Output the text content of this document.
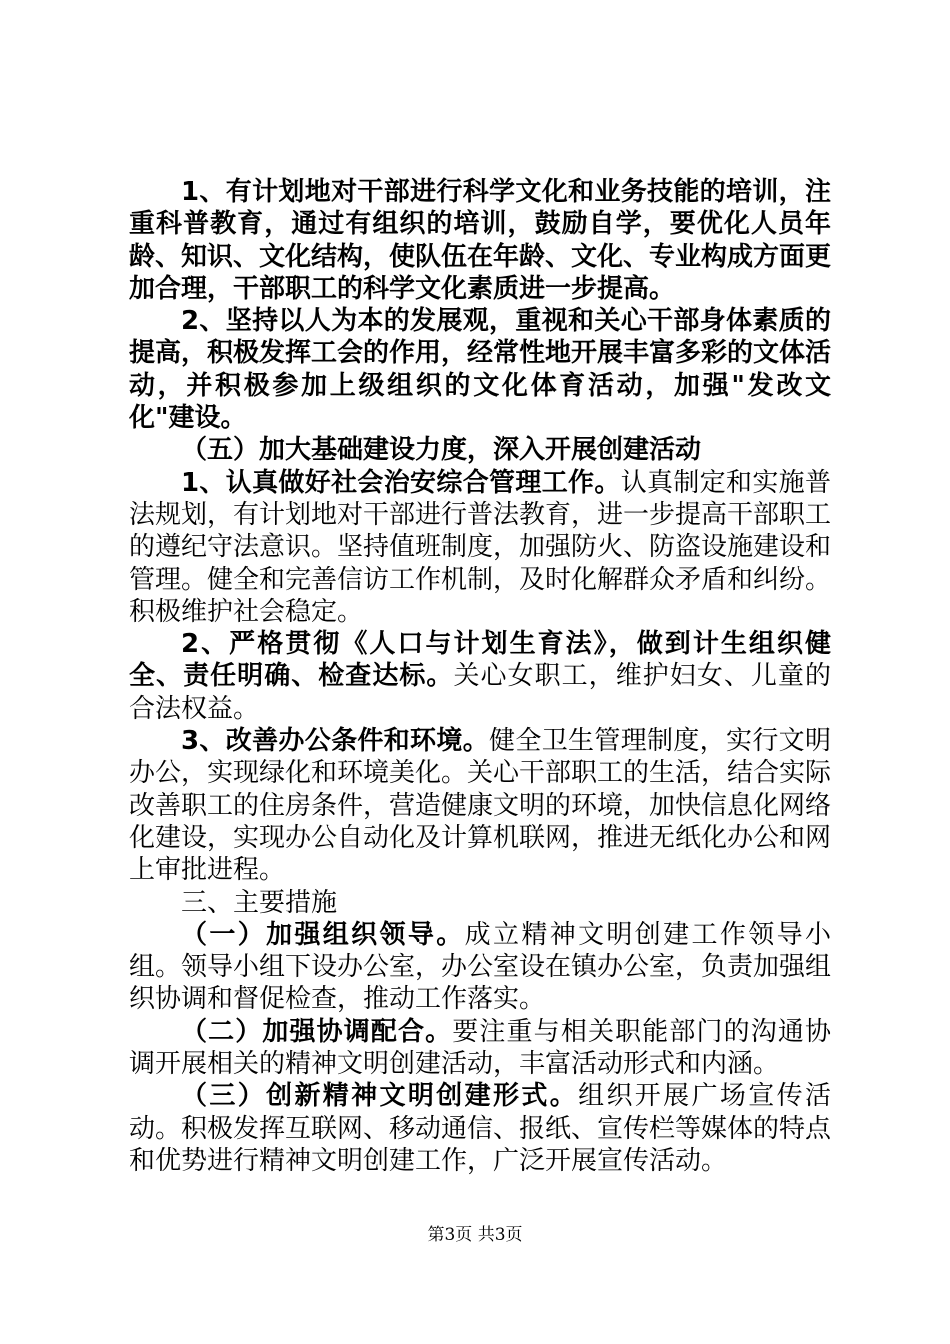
1、有计划地对干部进行科学文化和业务技能的培训，注重科普教育，通过有组织的培训，鼓励自学，要优化人员年龄、知识、文化结构，使队伍在年龄、文化、专业构成方面更加合理，干部职工的科学文化素质进一步提高。

2、坚持以人为本的发展观，重视和关心干部身体素质的提高，积极发挥工会的作用，经常性地开展丰富多彩的文体活动，并积极参加上级组织的文化体育活动，加强"发改文化"建设。

（五）加大基础建设力度，深入开展创建活动

1、认真做好社会治安综合管理工作。认真制定和实施普法规划，有计划地对干部进行普法教育，进一步提高干部职工的遵纪守法意识。坚持值班制度，加强防火、防盗设施建设和管理。健全和完善信访工作机制，及时化解群众矛盾和纠纷。积极维护社会稳定。

2、严格贯彻《人口与计划生育法》，做到计生组织健全、责任明确、检查达标。关心女职工，维护妇女、儿童的合法权益。

3、改善办公条件和环境。健全卫生管理制度，实行文明办公，实现绿化和环境美化。关心干部职工的生活，结合实际改善职工的住房条件，营造健康文明的环境，加快信息化网络化建设，实现办公自动化及计算机联网，推进无纸化办公和网上审批进程。

三、主要措施

（一）加强组织领导。成立精神文明创建工作领导小组。领导小组下设办公室，办公室设在镇办公室，负责加强组织协调和督促检查，推动工作落实。

（二）加强协调配合。要注重与相关职能部门的沟通协调开展相关的精神文明创建活动，丰富活动形式和内涵。

（三）创新精神文明创建形式。组织开展广场宣传活动。积极发挥互联网、移动通信、报纸、宣传栏等媒体的特点和优势进行精神文明创建工作，广泛开展宣传活动。

第3页 共3页
